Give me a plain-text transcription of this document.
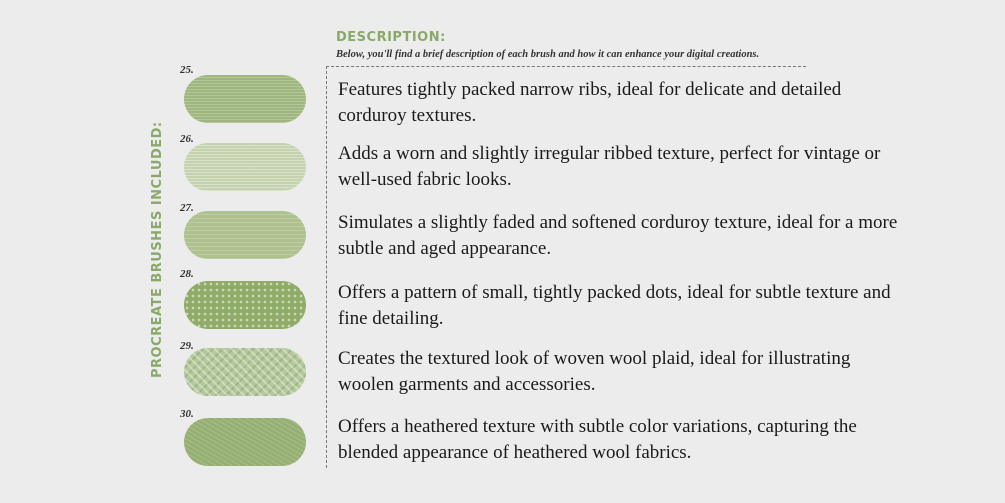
PROCREATE BRUSHES INCLUDED:
DESCRIPTION:
Below, you'll find a brief description of each brush and how it can enhance your digital creations.
25.
Features tightly packed narrow ribs, ideal for delicate and detailed corduroy textures.
26.
Adds a worn and slightly irregular ribbed texture, perfect for vintage or well-used fabric looks.
27.
Simulates a slightly faded and softened corduroy texture, ideal for a more subtle and aged appearance.
28.
Offers a pattern of small, tightly packed dots, ideal for subtle texture and fine detailing.
29.
Creates the textured look of woven wool plaid, ideal for illustrating woolen garments and accessories.
30.
Offers a heathered texture with subtle color variations, capturing the blended appearance of heathered wool fabrics.
